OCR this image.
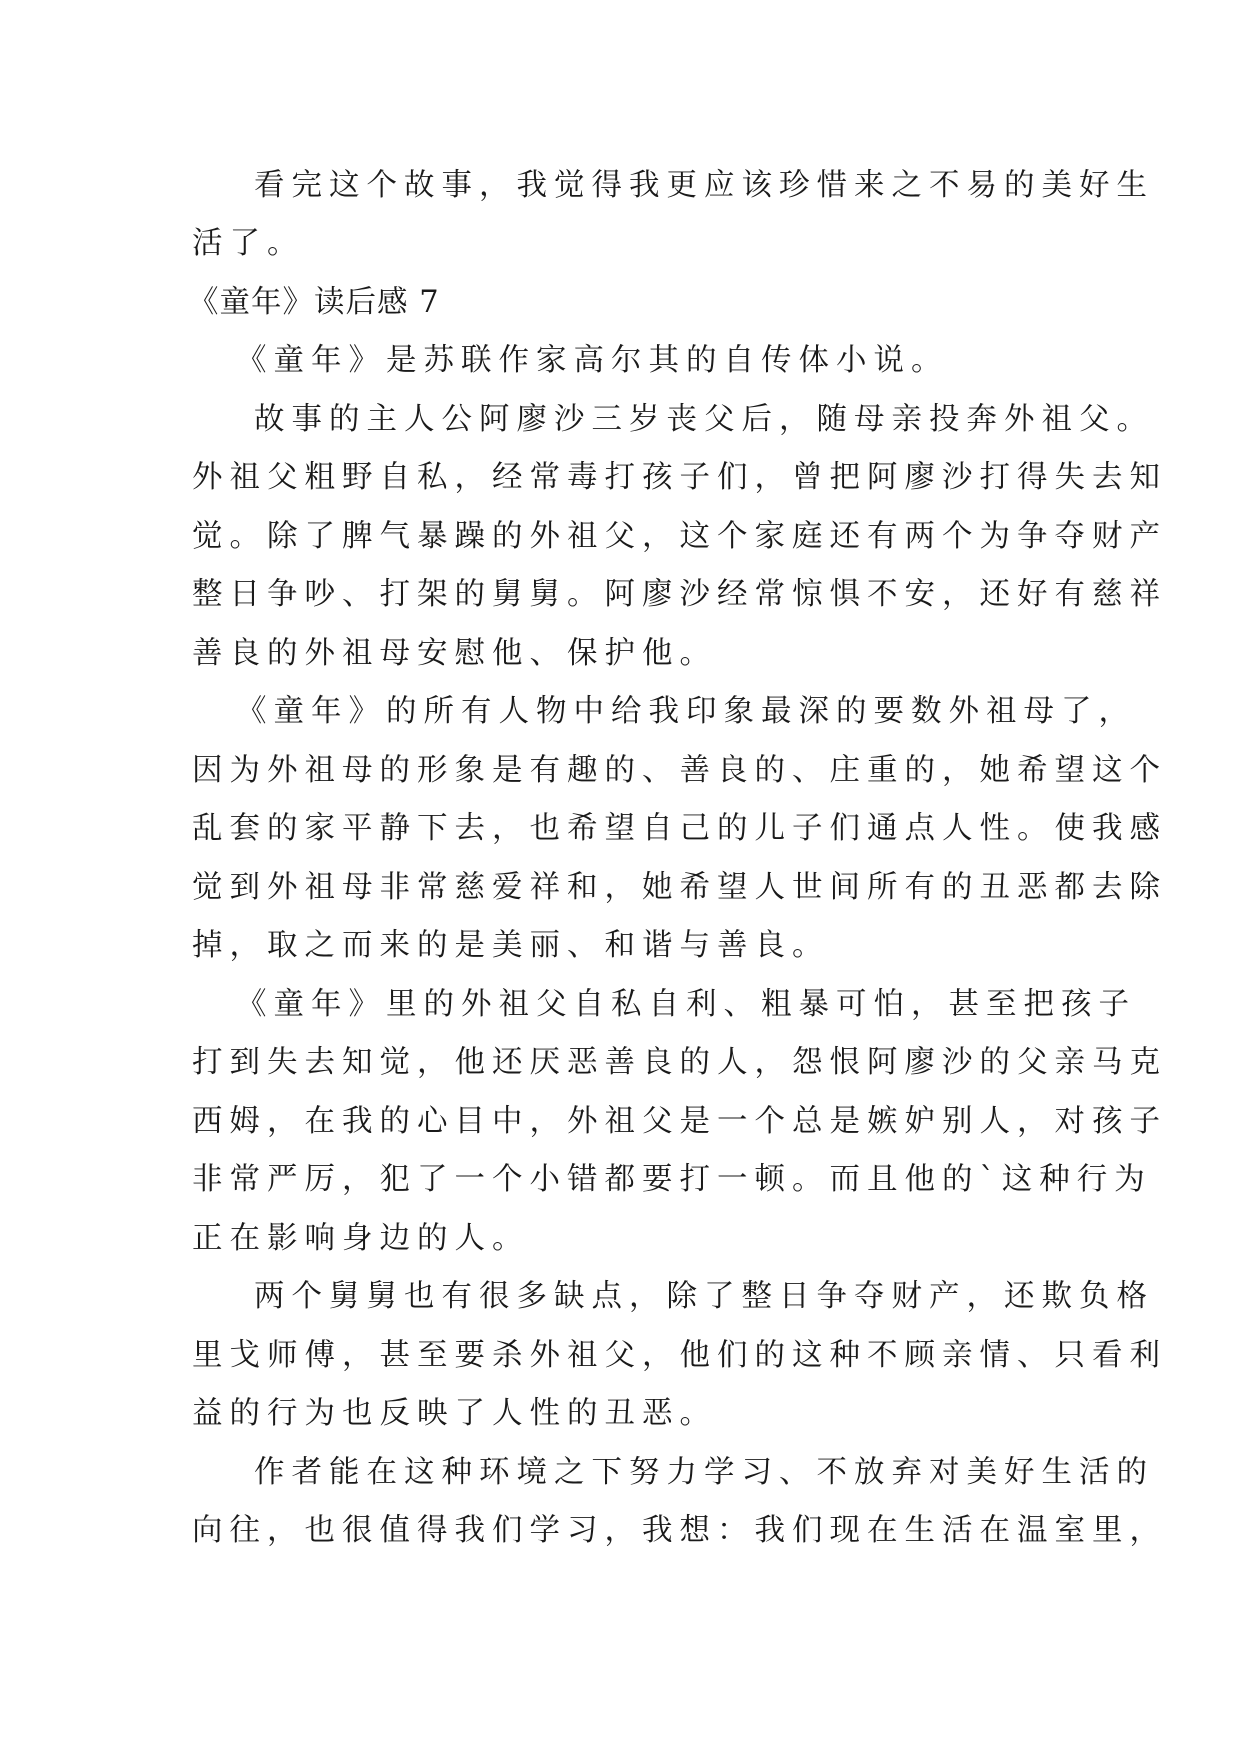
看完这个故事，我觉得我更应该珍惜来之不易的美好生

活了。

《童年》读后感 7

《童年》是苏联作家高尔其的自传体小说。

故事的主人公阿廖沙三岁丧父后，随母亲投奔外祖父。

外祖父粗野自私，经常毒打孩子们，曾把阿廖沙打得失去知

觉。除了脾气暴躁的外祖父，这个家庭还有两个为争夺财产

整日争吵、打架的舅舅。阿廖沙经常惊惧不安，还好有慈祥

善良的外祖母安慰他、保护他。

《童年》的所有人物中给我印象最深的要数外祖母了，

因为外祖母的形象是有趣的、善良的、庄重的，她希望这个

乱套的家平静下去，也希望自己的儿子们通点人性。使我感

觉到外祖母非常慈爱祥和，她希望人世间所有的丑恶都去除

掉，取之而来的是美丽、和谐与善良。

《童年》里的外祖父自私自利、粗暴可怕，甚至把孩子

打到失去知觉，他还厌恶善良的人，怨恨阿廖沙的父亲马克

西姆，在我的心目中，外祖父是一个总是嫉妒别人，对孩子

非常严厉，犯了一个小错都要打一顿。而且他的`这种行为

正在影响身边的人。

两个舅舅也有很多缺点，除了整日争夺财产，还欺负格

里戈师傅，甚至要杀外祖父，他们的这种不顾亲情、只看利

益的行为也反映了人性的丑恶。

作者能在这种环境之下努力学习、不放弃对美好生活的

向往，也很值得我们学习，我想：我们现在生活在温室里，
